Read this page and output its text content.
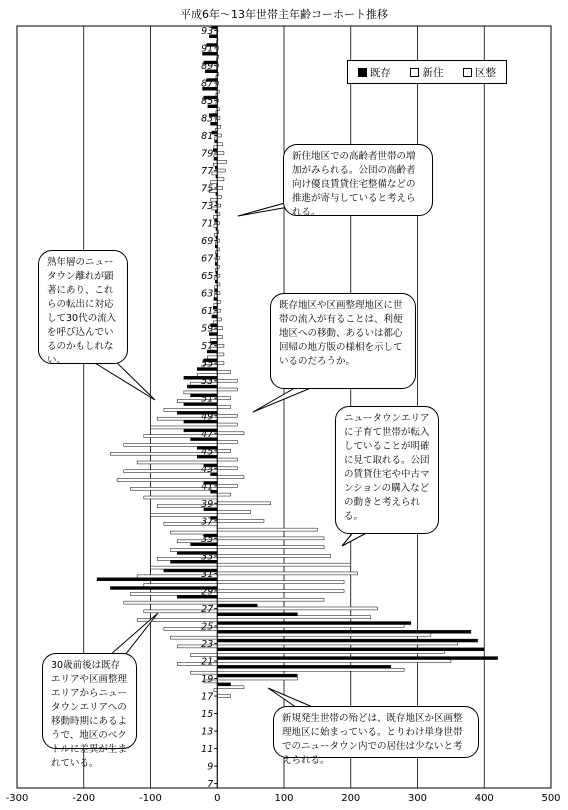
平成6年～13年世帯主年齢コーホート推移
-300	-200	-100	0	100	200	300	400	500
93
91
89
87
85
83
81
79
77
75
73
71
69
67
65
63
61
59
57
55
53
51
49
47
45
43
41
39
37
35
33
31
29
27
25
23
21
19
17
15
13
11
9
7
既存	新住	区整
新住地区での高齢者世帯の増加がみられる。公団の高齢者向け優良賃貸住宅整備などの推進が寄与していると考えられる。
熟年層のニュータウン離れが顕著にあり、これらの転出に対応して30代の流入を呼び込んでいるのかもしれない。
既存地区や区画整理地区に世帯の流入が有ることは、利便地区への移動、あるいは都心回帰の地方版の様相を示しているのだろうか。
ニュータウンエリアに子育て世帯が転入していることが明確に見て取れる。公団の賃貸住宅や中古マンションの購入などの動きと考えられる。
30歳前後は既存エリアや区画整理エリアからニュータウンエリアへの移動時期にあるようで、地区のベクトルに差異が生まれている。
新規発生世帯の殆どは、既存地区か区画整理地区に始まっている。とりわけ単身世帯でのニュータウン内での居住は少ないと考えられる。
